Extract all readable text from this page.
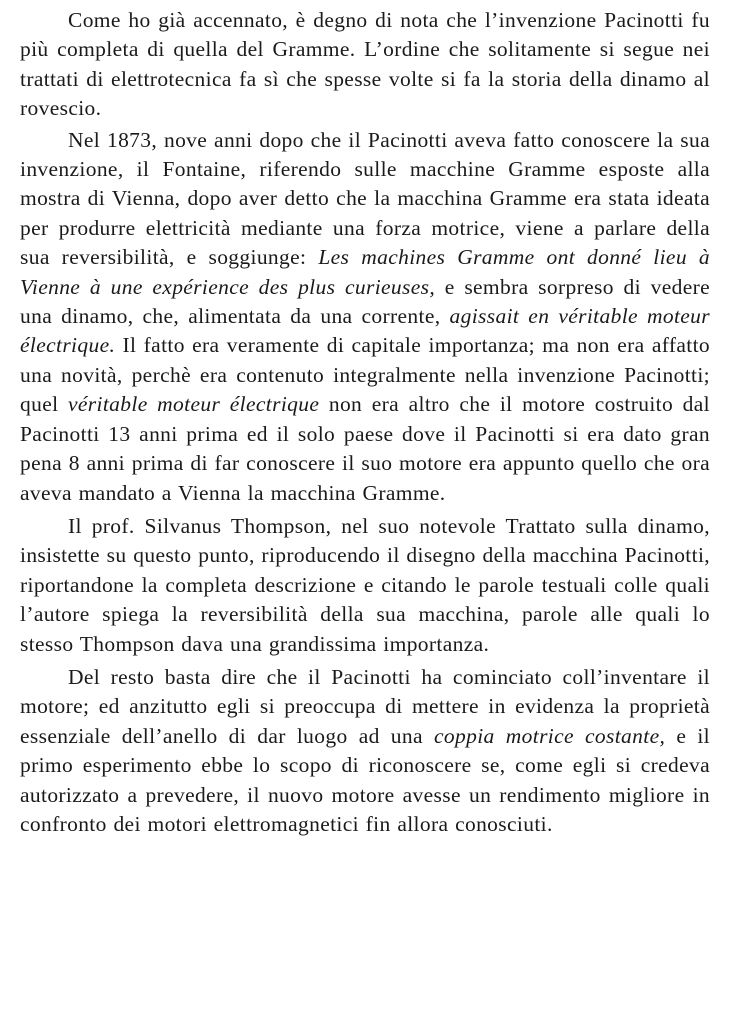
Come ho già accennato, è degno di nota che l’invenzione Pacinotti fu più completa di quella del Gramme. L’ordine che solitamente si segue nei trattati di elettrotecnica fa sì che spesse volte si fa la storia della dinamo al rovescio.

Nel 1873, nove anni dopo che il Pacinotti aveva fatto conoscere la sua invenzione, il Fontaine, riferendo sulle macchine Gramme esposte alla mostra di Vienna, dopo aver detto che la macchina Gramme era stata ideata per produrre elettricità mediante una forza motrice, viene a parlare della sua reversibilità, e soggiunge: Les machines Gramme ont donné lieu à Vienne à une expérience des plus curieuses, e sembra sorpreso di vedere una dinamo, che, alimentata da una corrente, agissait en véritable moteur électrique. Il fatto era veramente di capitale importanza; ma non era affatto una novità, perchè era contenuto integralmente nella invenzione Pacinotti; quel véritable moteur électrique non era altro che il motore costruito dal Pacinotti 13 anni prima ed il solo paese dove il Pacinotti si era dato gran pena 8 anni prima di far conoscere il suo motore era appunto quello che ora aveva mandato a Vienna la macchina Gramme.

Il prof. Silvanus Thompson, nel suo notevole Trattato sulla dinamo, insistette su questo punto, riproducendo il disegno della macchina Pacinotti, riportandone la completa descrizione e citando le parole testuali colle quali l’autore spiega la reversibilità della sua macchina, parole alle quali lo stesso Thompson dava una grandissima importanza.

Del resto basta dire che il Pacinotti ha cominciato coll’inventare il motore; ed anzitutto egli si preoccupa di mettere in evidenza la proprietà essenziale dell’anello di dar luogo ad una coppia motrice costante, e il primo esperimento ebbe lo scopo di riconoscere se, come egli si credeva autorizzato a prevedere, il nuovo motore avesse un rendimento migliore in confronto dei motori elettromagnetici fin allora conosciuti.
